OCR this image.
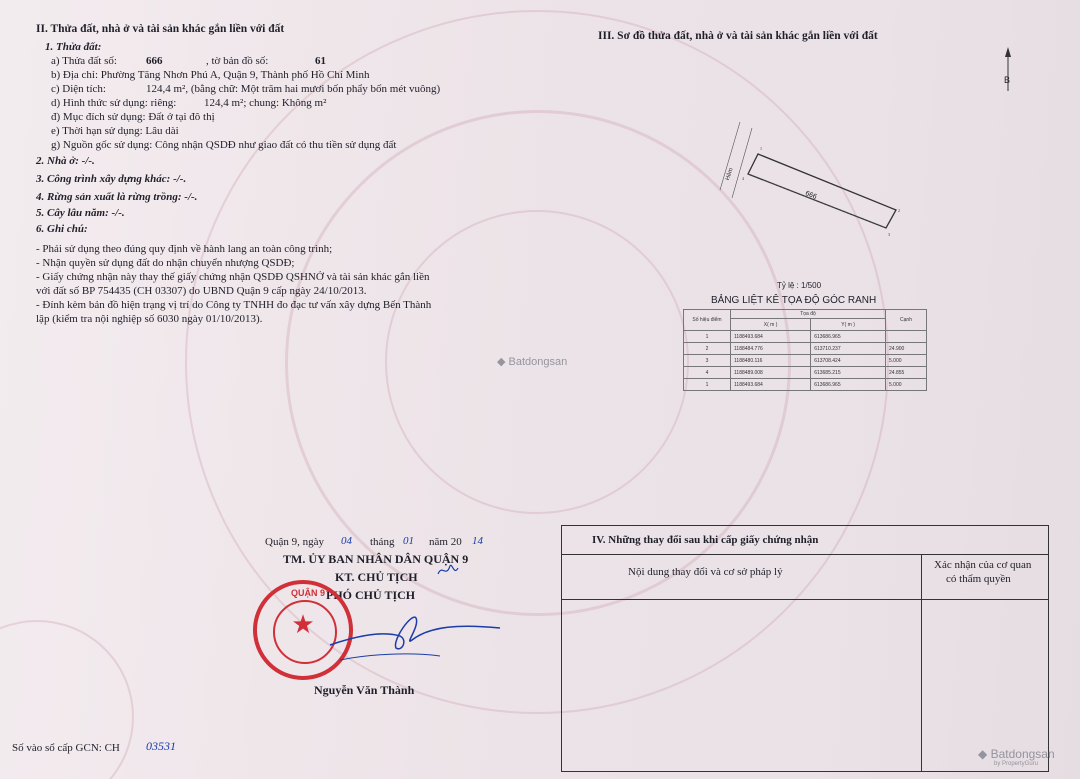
II. Thửa đất, nhà ở và tài sản khác gắn liền với đất
1. Thửa đất:
a) Thửa đất số:	666	, tờ bản đồ số:	61
b) Địa chỉ: Phường Tăng Nhơn Phú A, Quận 9, Thành phố Hồ Chí Minh
c) Diện tích:	124,4 m², (bằng chữ: Một trăm hai mươi bốn phẩy bốn mét vuông)
d) Hình thức sử dụng: riêng:	124,4 m²; chung: Không m²
đ) Mục đích sử dụng: Đất ở tại đô thị
e) Thời hạn sử dụng: Lâu dài
g) Nguồn gốc sử dụng: Công nhận QSDĐ như giao đất có thu tiền sử dụng đất
2. Nhà ở: -/-.
3. Công trình xây dựng khác: -/-.
4. Rừng sản xuất là rừng trồng: -/-.
5. Cây lâu năm: -/-.
6. Ghi chú:
- Phải sử dụng theo đúng quy định về hành lang an toàn công trình;
- Nhận quyền sử dụng đất do nhận chuyển nhượng QSDĐ;
- Giấy chứng nhận này thay thế giấy chứng nhận QSDĐ QSHNỞ và tài sản khác gắn liền
với đất số BP 754435 (CH 03307) do UBND Quận 9 cấp ngày 24/10/2013.
- Đính kèm bản đồ hiện trạng vị trí do Công ty TNHH đo đạc tư vấn xây dựng Bến Thành
lập (kiểm tra nội nghiệp số 6030 ngày 01/10/2013).
III. Sơ đồ thửa đất, nhà ở và tài sản khác gắn liền với đất
B
1
2
3
4
666
Hẻm
Tỷ lệ : 1/500
BẢNG LIỆT KÊ TỌA ĐỘ GÓC RANH
Số hiệu điểm	Tọa độ		Cạnh
	X( m )	Y( m )	
1	1188493.684	613686.965	
2	1188484.776	613710.237	24.900
3	1188480.116	613708.424	5.000
4	1188489.008	613685.215	24.855
1	1188493.684	613686.965	5.000
Quận 9, ngày 04 tháng 01 năm 20 14
TM. ỦY BAN NHÂN DÂN QUẬN 9
KT. CHỦ TỊCH
PHÓ CHỦ TỊCH
★
QUẬN 9
Nguyễn Văn Thành
Số vào sổ cấp GCN: CH 03531
IV. Những thay đổi sau khi cấp giấy chứng nhận
Nội dung thay đổi và cơ sở pháp lý
Xác nhận của cơ quan
có thẩm quyền
◆ Batdongsan
◆ Batdongsan
by PropertyGuru
